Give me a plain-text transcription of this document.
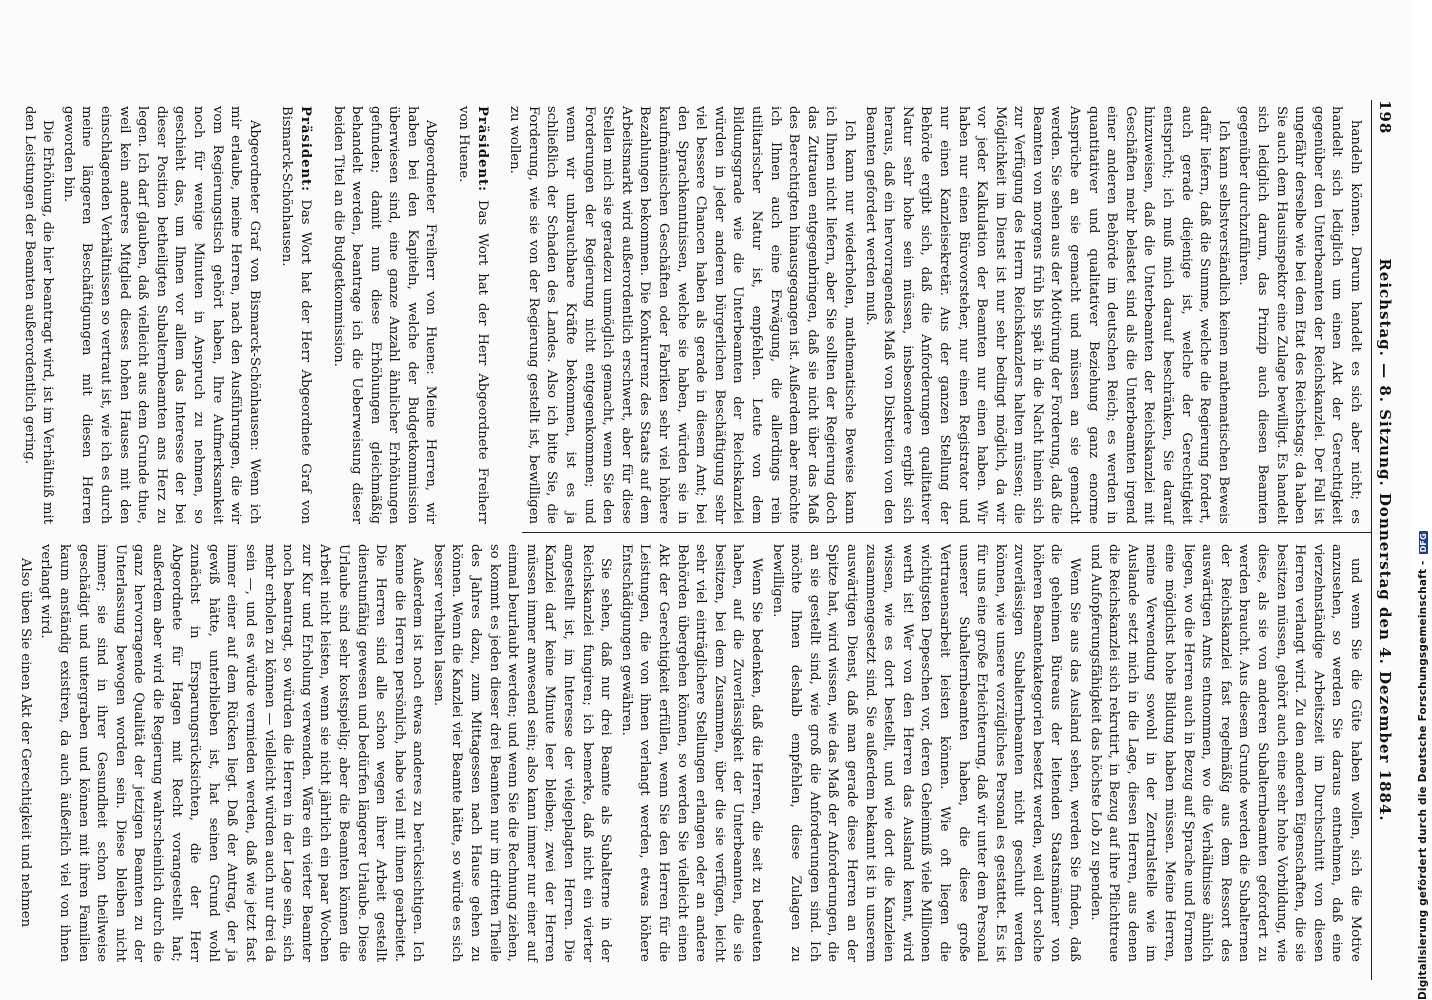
198
Reichstag. — 8. Sitzung. Donnerstag den 4. Dezember 1884.

handeln können. Darum handelt es sich aber nicht; es handelt sich lediglich um einen Akt der Gerechtigkeit gegenüber den Unterbeamten der Reichskanzlei. Der Fall ist ungefähr derselbe wie bei dem Etat des Reichstags; da haben Sie auch dem Hausinspektor eine Zulage bewilligt. Es handelt sich lediglich darum, das Prinzip auch diesen Beamten gegenüber durchzuführen.

Ich kann selbstverständlich keinen mathematischen Beweis dafür liefern, daß die Summe, welche die Regierung fordert, auch gerade diejenige ist, welche der Gerechtigkeit entspricht; ich muß mich darauf beschränken, Sie darauf hinzuweisen, daß die Unterbeamten der Reichskanzlei mit Geschäften mehr belastet sind als die Unterbeamten irgend einer anderen Behörde im deutschen Reich; es werden in quantitativer und qualitativer Beziehung ganz enorme Ansprüche an sie gemacht und müssen an sie gemacht werden. Sie sehen aus der Motivirung der Forderung, daß die Beamten von morgens früh bis spät in die Nacht hinein sich zur Verfügung des Herrn Reichskanzlers halten müssen; die Möglichkeit im Dienst ist nur sehr bedingt möglich, da wir vor jeder Kalkulation der Beamten nur einen haben. Wir haben nur einen Bürovorsteher, nur einen Registrator und nur einen Kanzleisekretär. Aus der ganzen Stellung der Behörde ergibt sich, daß die Anforderungen qualitativer Natur sehr hohe sein müssen, insbesondere ergibt sich heraus, daß ein hervorragendes Maß von Diskretion von den Beamten gefordert werden muß.

Ich kann nur wiederholen, mathematische Beweise kann ich Ihnen nicht liefern, aber Sie sollten der Regierung doch das Zutrauen entgegenbringen, daß sie nicht über das Maß des Berechtigten hinausgegangen ist. Außerdem aber möchte ich Ihnen auch eine Erwägung, die allerdings rein utilitarischer Natur ist, empfehlen. Leute von dem Bildungsgrade wie die Unterbeamten der Reichskanzlei würden in jeder anderen bürgerlichen Beschäftigung sehr viel bessere Chancen haben als gerade in diesem Amt; bei den Sprachkenntnissen, welche sie haben, würden sie in kaufmännischen Geschäften oder Fabriken sehr viel höhere Bezahlungen bekommen. Die Konkurrenz des Staats auf dem Arbeitsmarkt wird außerordentlich erschwert, aber für diese Stellen mich sie geradezu unmöglich gemacht, wenn Sie den Forderungen der Regierung nicht entgegenkommen; und wenn wir unbrauchbare Kräfte bekommen, ist es ja schließlich der Schaden des Landes. Also ich bitte Sie, die Forderung, wie sie von der Regierung gestellt ist, bewilligen zu wollen.

Präsident: Das Wort hat der Herr Abgeordnete Freiherr von Huene.

Abgeordneter Freiherr von Huene: Meine Herren, wir haben bei den Kapiteln, welche der Budgetkommission überwiesen sind, eine ganze Anzahl ähnlicher Erhöhungen gefunden; damit nun diese Erhöhungen gleichmäßig behandelt werden, beantrage ich die Ueberweisung dieser beiden Titel an die Budgetkommission.

Präsident: Das Wort hat der Herr Abgeordnete Graf von Bismarck-Schönhausen.

Abgeordneter Graf von Bismarck-Schönhausen: Wenn ich mir erlaube, meine Herren, nach den Ausführungen, die wir vom Regierungstisch gehört haben, Ihre Aufmerksamkeit noch für wenige Minuten in Anspruch zu nehmen, so geschieht das, um Ihnen vor allem das Interesse der bei dieser Position betheiligten Subalternbeamten ans Herz zu legen. Ich darf glauben, daß vielleicht aus dem Grunde thue, weil kein anderes Mitglied dieses hohen Hauses mit den einschlagenden Verhältnissen so vertraut ist, wie ich es durch meine längeren Beschäftigungen mit diesen Herren geworden bin.

Die Erhöhung, die hier beantragt wird, ist im Verhältniß mit den Leistungen der Beamten außerordentlich gering.

und wenn Sie die Güte haben wollen, sich die Motive anzusehen, so werden Sie daraus entnehmen, daß eine vierzehnständige Arbeitszeit im Durchschnitt von diesen Herren verlangt wird. Zu den anderen Eigenschaften, die sie besitzen müssen, gehört auch eine sehr hohe Vorbildung, wie diese, als sie von anderen Subalternbeamten gefordert zu werden braucht. Aus diesem Grunde werden die Subalternen der Reichskanzlei fast regelmäßig aus dem Ressort des auswärtigen Amts entnommen, wo die Verhältnisse ähnlich liegen, wo die Herren auch in Bezug auf Sprache und Formen eine möglichst hohe Bildung haben müssen. Meine Herren, meine Verwendung sowohl in der Zentralstelle wie im Auslande setzt mich in die Lage, diesen Herren, aus denen die Reichskanzlei sich rekrutirt, in Bezug auf ihre Pflichttreue und Aufopferungsfähigkeit das höchste Lob zu spenden.

Wenn Sie aus das Ausland sehen, werden Sie finden, daß die geheimen Büreaus der leitenden Staatsmänner von höheren Beamtenkategorien besetzt werden, weil dort solche zuverlässigen Subalternbeamten nicht geschult werden können, wie unsere vorzügliches Personal es gestattet. Es ist für uns eine große Erleichterung, daß wir unter dem Personal unserer Subalternbeamten haben, die diese große Vertrauensarbeit leisten können. Wie oft liegen die wichtigsten Depeschen vor, deren Geheimniß viele Millionen werth ist! Wer von den Herren das Ausland kennt, wird wissen, wie es dort bestellt, und wie dort die Kanzleien zusammengesetzt sind. Sie außerdem bekannt ist in unserem auswärtigen Dienst, daß man gerade diese Herren an der Spitze hat, wird wissen, wie das Maß der Anforderungen, die an sie gestellt sind, wie groß die Anforderungen sind. Ich möchte Ihnen deshalb empfehlen, diese Zulagen zu bewilligen.

Wenn Sie bedenken, daß die Herren, die seit zu bedeuten haben, auf die Zuverlässigkeit der Unterbeamten, die sie besitzen, bei dem Zusammen, über die sie verfügen, leicht sehr viel einträglichere Stellungen erlangen oder an andere Behörden übergehen können, so werden Sie vielleicht einen Akt der Gerechtigkeit erfüllen, wenn Sie den Herren für die Leistungen, die von ihnen verlangt werden, etwas höhere Entschädigungen gewähren.

Sie sehen, daß nur drei Beamte als Subalterne in der Reichskanzlei fungiren; ich bemerke, daß nicht ein vierter angestellt ist, im Interesse der vielgeplagten Herren. Die Kanzlei darf keine Minute leer bleiben; zwei der Herren müssen immer anwesend sein; also kann immer nur einer auf einmal beurlaubt werden; und wenn Sie die Rechnung ziehen, so kommt es jeden dieser drei Beamten nur im dritten Theile des Jahres dazu, zum Mittagessen nach Hause gehen zu können. Wenn die Kanzlei vier Beamte hätte, so würde es sich besser verhalten lassen.

Außerdem ist noch etwas anderes zu berücksichtigen. Ich kenne die Herren persönlich, habe viel mit ihnen gearbeitet. Die Herren sind alle schon wegen ihrer Arbeit gestellt dienstunfähig gewesen und bedürfen längerer Urlaube. Diese Urlaube sind sehr kostspielig; aber die Beamten können die Arbeit nicht leisten, wenn sie nicht jährlich ein paar Wochen zur Kur und Erholung verwenden. Wäre ein vierter Beamter noch beantragt, so würden die Herren in der Lage sein, sich mehr erholen zu können — vielleicht würden auch nur drei da sein —, und es würde vermieden werden, daß wie jetzt fast immer einer auf dem Rücken liegt. Daß der Antrag, der ja gewiß hätte, unterblieben ist, hat seinen Grund wohl zunächst in Ersparungsrücksichten, die der Herr Abgeordnete für Hagen mit Recht vorangestellt hat; außerdem aber wird die Regierung wahrscheinlich durch die ganz hervorragende Qualität der jetzigen Beamten zu der Unterlassung bewogen worden sein. Diese bleiben nicht immer; sie sind in ihrer Gesundheit schon theilweise geschädigt und untergraben und können mit ihren Familien kaum anständig existiren, da auch äußerlich viel von ihnen verlangt wird.

Also üben Sie einen Akt der Gerechtigkeit und nehmen	Digitalisierung gefördert durch die Deutsche Forschungsgemeinschaft -DFG
